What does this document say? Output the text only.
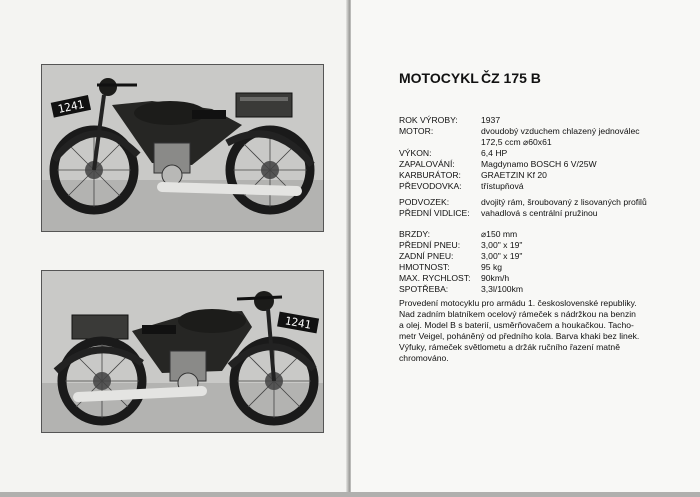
1241
1241
MOTOCYKL ČZ 175 B
ROK VÝROBY:	1937
MOTOR:	dvoudobý vzduchem chlazený jednoválec
172,5 ccm ⌀60x61
VÝKON:	6,4 HP
ZAPALOVÁNÍ:	Magdynamo BOSCH 6 V/25W
KARBURÁTOR: GRAETZIN Kf 20
PŘEVODOVKA: třístupňová
PODVOZEK:	dvojitý rám, šroubovaný z lisovaných profilů
PŘEDNÍ VIDLICE: vahadlová s centrální pružinou
BRZDY:	⌀150 mm
PŘEDNÍ PNEU: 3,00" x 19"
ZADNÍ PNEU:	3,00" x 19"
HMOTNOST:	95 kg
MAX. RYCHLOST: 90km/h
SPOTŘEBA:	3,3l/100km
Provedení motocyklu pro armádu 1. československé republiky.
Nad zadním blatníkem ocelový rámeček s nádržkou na benzin
a olej. Model B s baterií, usměrňovačem a houkačkou. Tacho-
metr Veigel, poháněný od předního kola. Barva khaki bez linek.
Výfuky, rámeček světlometu a držák ručního řazení matně
chromováno.
